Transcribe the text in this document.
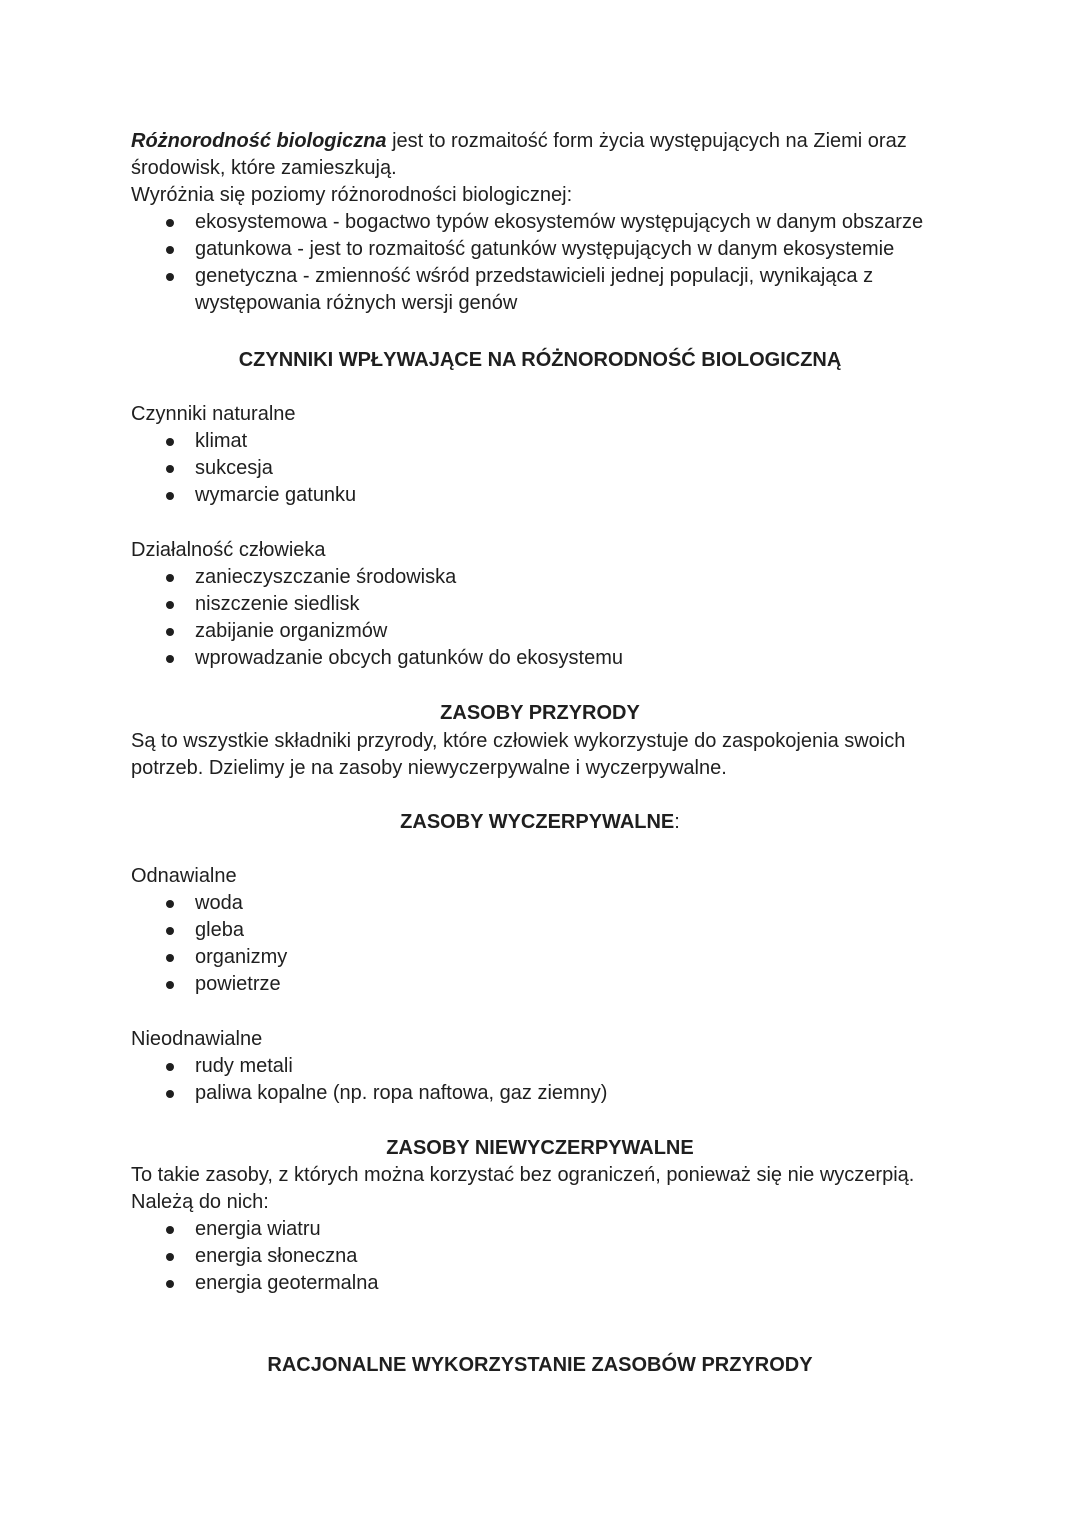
Różnorodność biologiczna jest to rozmaitość form życia występujących na Ziemi oraz środowisk, które zamieszkują.

Wyróżnia się poziomy różnorodności biologicznej:

ekosystemowa - bogactwo typów ekosystemów występujących w danym obszarze
gatunkowa - jest to rozmaitość gatunków występujących w danym ekosystemie
genetyczna - zmienność wśród przedstawicieli jednej populacji, wynikająca z występowania różnych wersji genów

CZYNNIKI WPŁYWAJĄCE NA RÓŻNORODNOŚĆ BIOLOGICZNĄ

Czynniki naturalne

klimat
sukcesja
wymarcie gatunku

Działalność człowieka

zanieczyszczanie środowiska
niszczenie siedlisk
zabijanie organizmów
wprowadzanie obcych gatunków do ekosystemu

ZASOBY PRZYRODY

Są to wszystkie składniki przyrody, które człowiek wykorzystuje do zaspokojenia swoich potrzeb. Dzielimy je na zasoby niewyczerpywalne i wyczerpywalne.

ZASOBY WYCZERPYWALNE:

Odnawialne

woda
gleba
organizmy
powietrze

Nieodnawialne

rudy metali
paliwa kopalne (np. ropa naftowa, gaz ziemny)

ZASOBY NIEWYCZERPYWALNE

To takie zasoby, z których można korzystać bez ograniczeń, ponieważ się nie wyczerpią. Należą do nich:

energia wiatru
energia słoneczna
energia geotermalna

RACJONALNE WYKORZYSTANIE ZASOBÓW PRZYRODY
